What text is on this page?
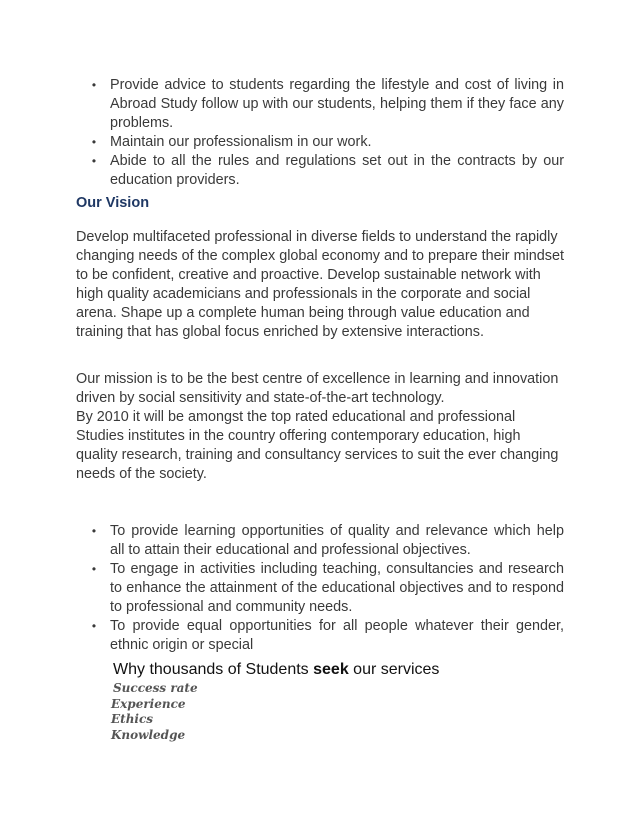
• Provide advice to students regarding the lifestyle and cost of living in Abroad Study follow up with our students, helping them if they face any problems.
• Maintain our professionalism in our work.
• Abide to all the rules and regulations set out in the contracts by our education providers.
Our Vision

Develop multifaceted professional in diverse fields to understand the rapidly changing needs of the complex global economy and to prepare their mindset to be confident, creative and proactive. Develop sustainable network with high quality academicians and professionals in the corporate and social arena. Shape up a complete human being through value education and training that has global focus enriched by extensive interactions.

Our mission is to be the best centre of excellence in learning and innovation driven by social sensitivity and state-of-the-art technology.

By 2010 it will be amongst the top rated educational and professional Studies institutes in the country offering contemporary education, high quality research, training and consultancy services to suit the ever changing needs of the society.

• To provide learning opportunities of quality and relevance which help all to attain their educational and professional objectives.
• To engage in activities including teaching, consultancies and research to enhance the attainment of the educational objectives and to respond to professional and community needs.
• To provide equal opportunities for all people whatever their gender, ethnic origin or special
Why thousands of Students seek our services
Success rate
Experience
Ethics
Knowledge
